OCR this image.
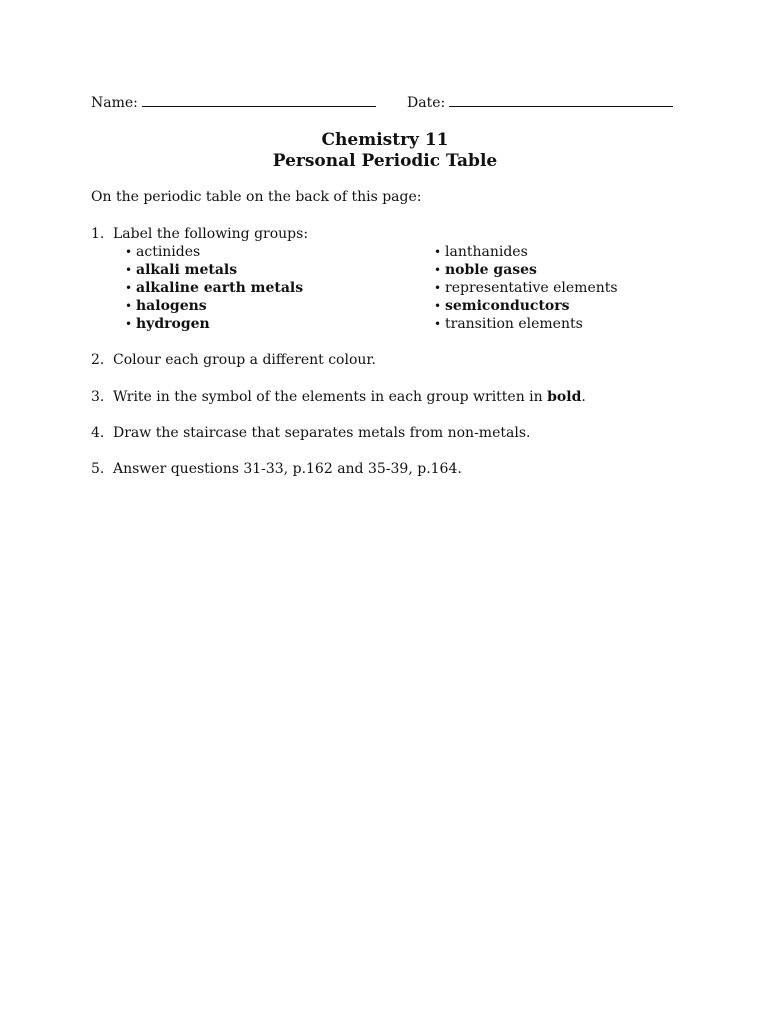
Name:	Date:
Chemistry 11
Personal Periodic Table
On the periodic table on the back of this page:
1. Label the following groups:
• actinides
• alkali metals
• alkaline earth metals
• halogens
• hydrogen
• lanthanides
• noble gases
• representative elements
• semiconductors
• transition elements
2. Colour each group a different colour.
3. Write in the symbol of the elements in each group written in bold.
4. Draw the staircase that separates metals from non-metals.
5. Answer questions 31-33, p.162 and 35-39, p.164.
